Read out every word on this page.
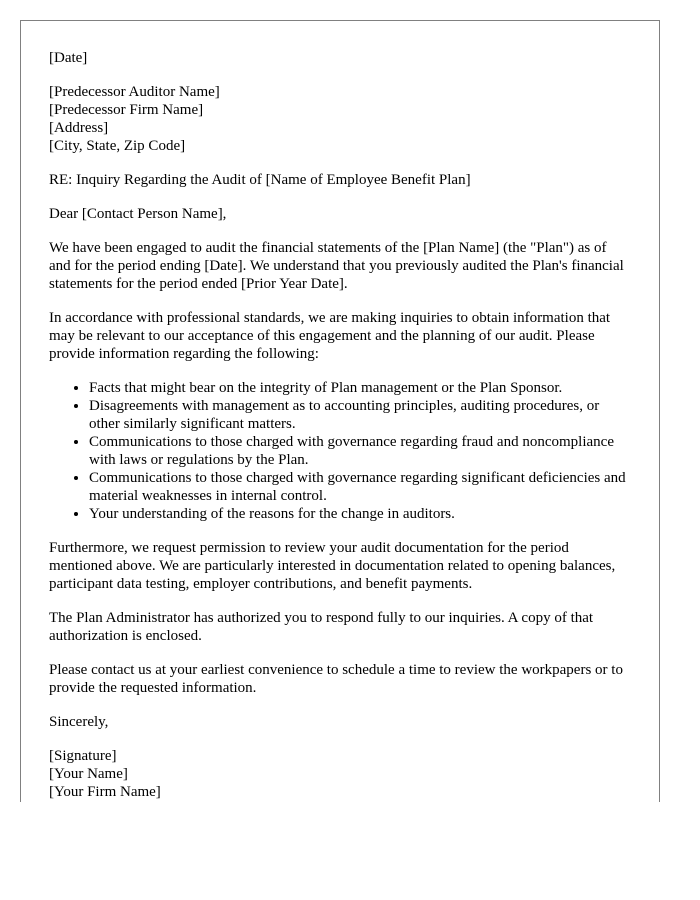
[Date]

[Predecessor Auditor Name]
[Predecessor Firm Name]
[Address]
[City, State, Zip Code]

RE: Inquiry Regarding the Audit of [Name of Employee Benefit Plan]

Dear [Contact Person Name],

We have been engaged to audit the financial statements of the [Plan Name] (the "Plan") as of and for the period ending [Date]. We understand that you previously audited the Plan's financial statements for the period ended [Prior Year Date].

In accordance with professional standards, we are making inquiries to obtain information that may be relevant to our acceptance of this engagement and the planning of our audit. Please provide information regarding the following:

• Facts that might bear on the integrity of Plan management or the Plan Sponsor.
• Disagreements with management as to accounting principles, auditing procedures, or other similarly significant matters.
• Communications to those charged with governance regarding fraud and noncompliance with laws or regulations by the Plan.
• Communications to those charged with governance regarding significant deficiencies and material weaknesses in internal control.
• Your understanding of the reasons for the change in auditors.

Furthermore, we request permission to review your audit documentation for the period mentioned above. We are particularly interested in documentation related to opening balances, participant data testing, employer contributions, and benefit payments.

The Plan Administrator has authorized you to respond fully to our inquiries. A copy of that authorization is enclosed.

Please contact us at your earliest convenience to schedule a time to review the workpapers or to provide the requested information.

Sincerely,

[Signature]
[Your Name]
[Your Firm Name]
